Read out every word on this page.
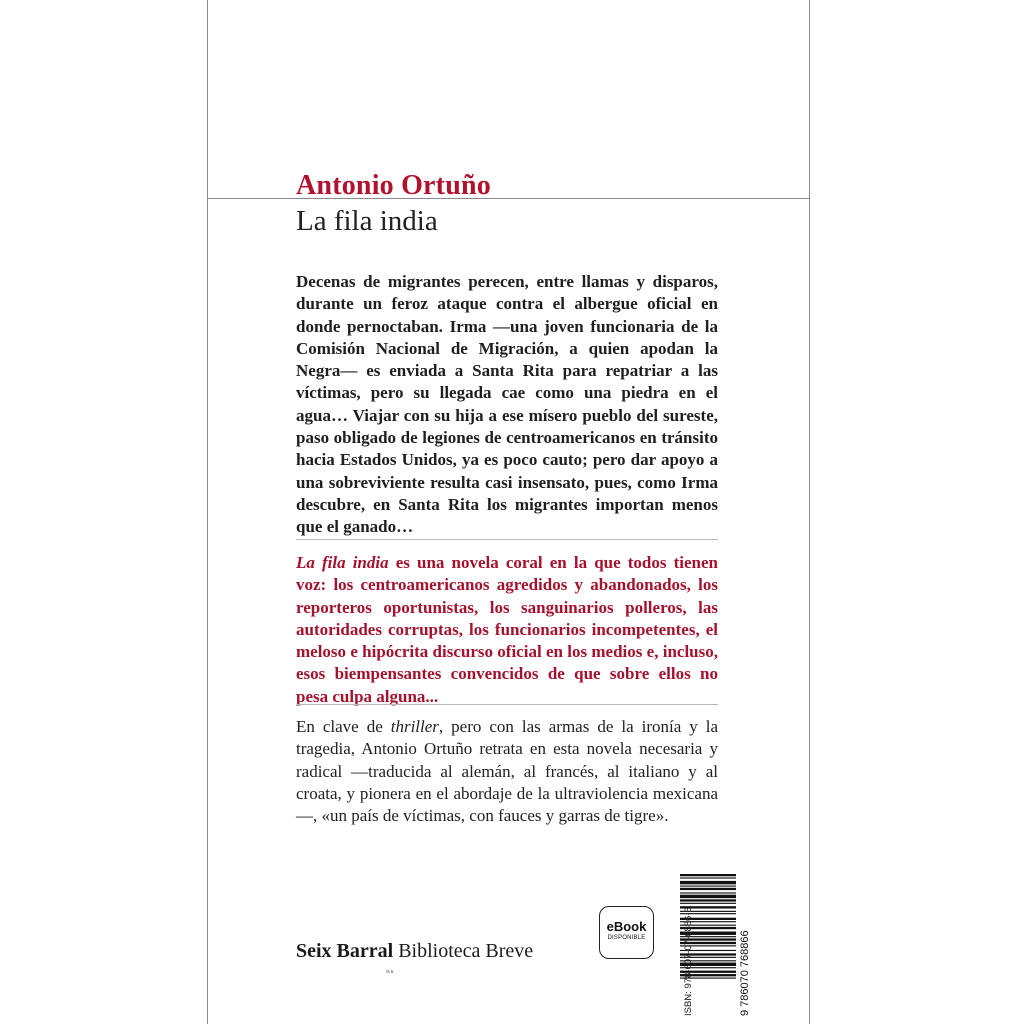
Antonio Ortuño
La fila india

Decenas de migrantes perecen, entre llamas y disparos, durante un feroz ataque contra el albergue oficial en donde pernoctaban. Irma —una joven funcionaria de la Comisión Nacional de Migración, a quien apodan la Negra— es enviada a Santa Rita para repatriar a las víctimas, pero su llegada cae como una piedra en el agua… Viajar con su hija a ese mísero pueblo del sureste, paso obligado de legiones de centroamericanos en tránsito hacia Estados Unidos, ya es poco cauto; pero dar apoyo a una sobreviviente resulta casi insensato, pues, como Irma descubre, en Santa Rita los migrantes importan menos que el ganado…

La fila india es una novela coral en la que todos tienen voz: los centroamericanos agredidos y abandonados, los reporteros oportunistas, los sanguinarios polleros, las autoridades corruptas, los funcionarios incompetentes, el meloso e hipócrita discurso oficial en los medios e, incluso, esos biempensantes convencidos de que sobre ellos no pesa culpa alguna...

En clave de thriller, pero con las armas de la ironía y la tragedia, Antonio Ortuño retrata en esta novela necesaria y radical —traducida al alemán, al francés, al italiano y al croata, y pionera en el abordaje de la ultraviolencia mexicana—, «un país de víctimas, con fauces y garras de tigre».

Seix Barral Biblioteca Breve

M.R.
eBook
DISPONIBLE	9 786070 768866
ISBN: 978-607-07-6886-6
